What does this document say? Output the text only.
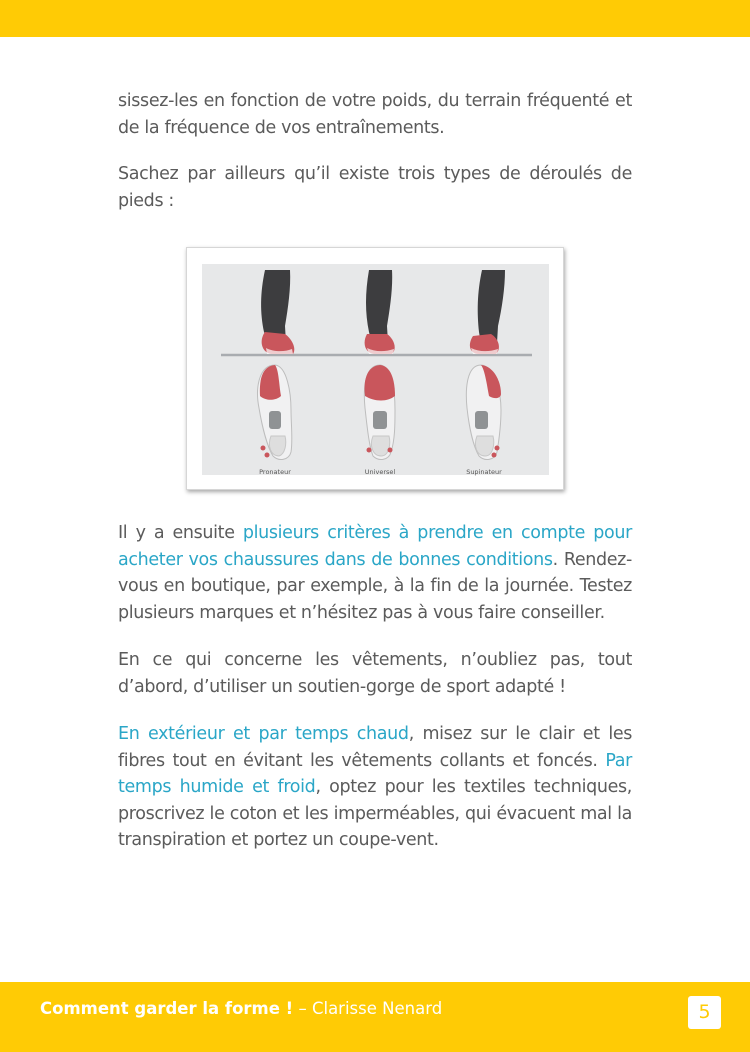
sissez-les en fonction de votre poids, du terrain fréquenté et de la fréquence de vos entraînements.

Sachez par ailleurs qu’il existe trois types de déroulés de pieds :

Il y a ensuite plusieurs critères à prendre en compte pour acheter vos chaussures dans de bonnes conditions. Rendez-vous en boutique, par exemple, à la fin de la journée. Testez plusieurs marques et n’hésitez pas à vous faire conseiller.

En ce qui concerne les vêtements, n’oubliez pas, tout d’abord, d’utiliser un soutien-gorge de sport adapté !

En extérieur et par temps chaud, misez sur le clair et les fibres tout en évitant les vêtements collants et foncés. Par temps humide et froid, optez pour les textiles techniques, proscrivez le coton et les imperméables, qui évacuent mal la transpiration et portez un coupe-vent.

Pronateur	Universel	Supinateur
Comment garder la forme ! – Clarisse Nenard	5
